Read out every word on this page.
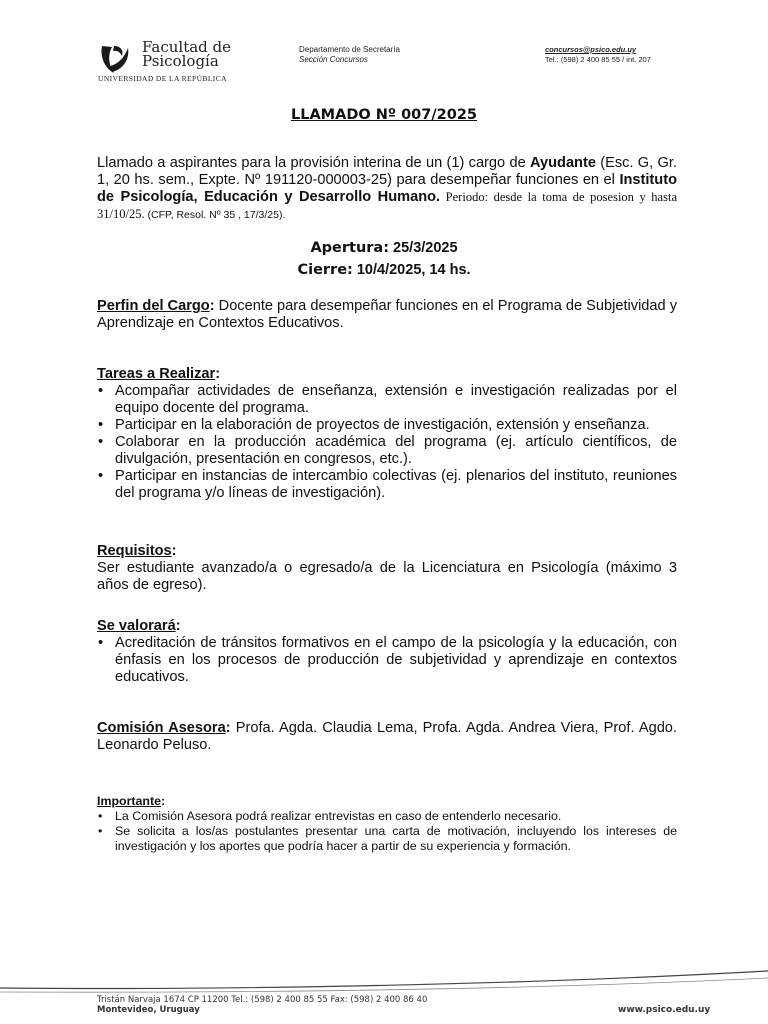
Facultad de
Psicología
UNIVERSIDAD DE LA REPÚBLICA
Departamento de Secretaría
Sección Concursos
concursos@psico.edu.uy
Tel.: (598) 2 400 85 55 / int. 207
LLAMADO Nº 007/2025
Llamado a aspirantes para la provisión interina de un (1) cargo de Ayudante (Esc. G, Gr. 1, 20 hs. sem., Expte. Nº 191120-000003-25) para desempeñar funciones en el Instituto de Psicología, Educación y Desarrollo Humano. Periodo: desde la toma de posesion y hasta 31/10/25. (CFP, Resol. Nº 35 , 17/3/25).
Apertura: 25/3/2025
Cierre: 10/4/2025, 14 hs.
Perfin del Cargo: Docente para desempeñar funciones en el Programa de Subjetividad y Aprendizaje en Contextos Educativos.
Tareas a Realizar:
• Acompañar actividades de enseñanza, extensión e investigación realizadas por el equipo docente del programa.
• Participar en la elaboración de proyectos de investigación, extensión y enseñanza.
• Colaborar en la producción académica del programa (ej. artículo científicos, de divulgación, presentación en congresos, etc.).
• Participar en instancias de intercambio colectivas (ej. plenarios del instituto, reuniones del programa y/o líneas de investigación).
Requisitos:
Ser estudiante avanzado/a o egresado/a de la Licenciatura en Psicología (máximo 3 años de egreso).
Se valorará:
• Acreditación de tránsitos formativos en el campo de la psicología y la educación, con énfasis en los procesos de producción de subjetividad y aprendizaje en contextos educativos.
Comisión Asesora: Profa. Agda. Claudia Lema, Profa. Agda. Andrea Viera, Prof. Agdo. Leonardo Peluso.
Importante:
• La Comisión Asesora podrá realizar entrevistas en caso de entenderlo necesario.
• Se solicita a los/as postulantes presentar una carta de motivación, incluyendo los intereses de investigación y los aportes que podría hacer a partir de su experiencia y formación.
Tristán Narvaja 1674 CP 11200 Tel.: (598) 2 400 85 55 Fax: (598) 2 400 86 40
Montevideo, Uruguay	www.psico.edu.uy
